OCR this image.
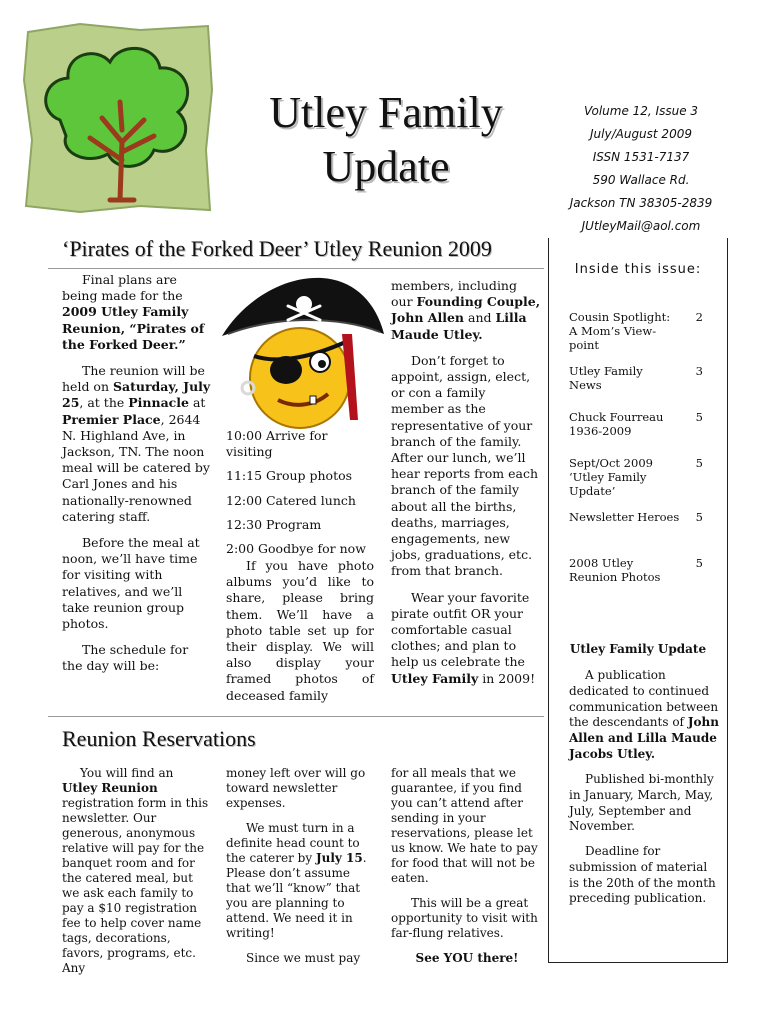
Utley Family
Update
Volume 12, Issue 3
July/August 2009
ISSN 1531-7137
590 Wallace Rd.
Jackson TN 38305-2839
JUtleyMail@aol.com
Inside this issue:
Cousin Spotlight: A Mom’s View-point
2
Utley Family News
3
Chuck Fourreau 1936-2009
5
Sept/Oct 2009 ‘Utley Family Update’
5
Newsletter Heroes	5
2008 Utley Reunion Photos
5
Utley Family Update

A publication dedicated to continued communication between the descendants of John Allen and Lilla Maude Jacobs Utley.

Published bi-monthly in January, March, May, July, September and November.

Deadline for submission of material is the 20th of the month preceding publication.

‘Pirates of the Forked Deer’ Utley Reunion 2009

Final plans are being made for the 2009 Utley Family Reunion, “Pirates of the Forked Deer.”

The reunion will be held on Saturday, July 25, at the Pinnacle at Premier Place, 2644 N. Highland Ave, in Jackson, TN. The noon meal will be catered by Carl Jones and his nationally-renowned catering staff.

Before the meal at noon, we’ll have time for visiting with relatives, and we’ll take reunion group photos.

The schedule for the day will be:

10:00 Arrive for visiting
11:15 Group photos
12:00 Catered lunch
12:30 Program
2:00 Goodbye for now

If you have photo albums you’d like to share, please bring them. We’ll have a photo table set up for their display. We will also display your framed photos of deceased family

members, including our Founding Couple, John Allen and Lilla Maude Utley.

Don’t forget to appoint, assign, elect, or con a family member as the representative of your branch of the family. After our lunch, we’ll hear reports from each branch of the family about all the births, deaths, marriages, engagements, new jobs, graduations, etc. from that branch.

Wear your favorite pirate outfit OR your comfortable casual clothes; and plan to help us celebrate the Utley Family in 2009!

Reunion Reservations

You will find an Utley Reunion registration form in this newsletter. Our generous, anonymous relative will pay for the banquet room and for the catered meal, but we ask each family to pay a $10 registration fee to help cover name tags, decorations, favors, programs, etc. Any

money left over will go toward newsletter expenses.

We must turn in a definite head count to the caterer by July 15. Please don’t assume that we’ll “know” that you are planning to attend. We need it in writing!

Since we must pay

for all meals that we guarantee, if you find you can’t attend after sending in your reservations, please let us know. We hate to pay for food that will not be eaten.

This will be a great opportunity to visit with far-flung relatives.

See YOU there!
